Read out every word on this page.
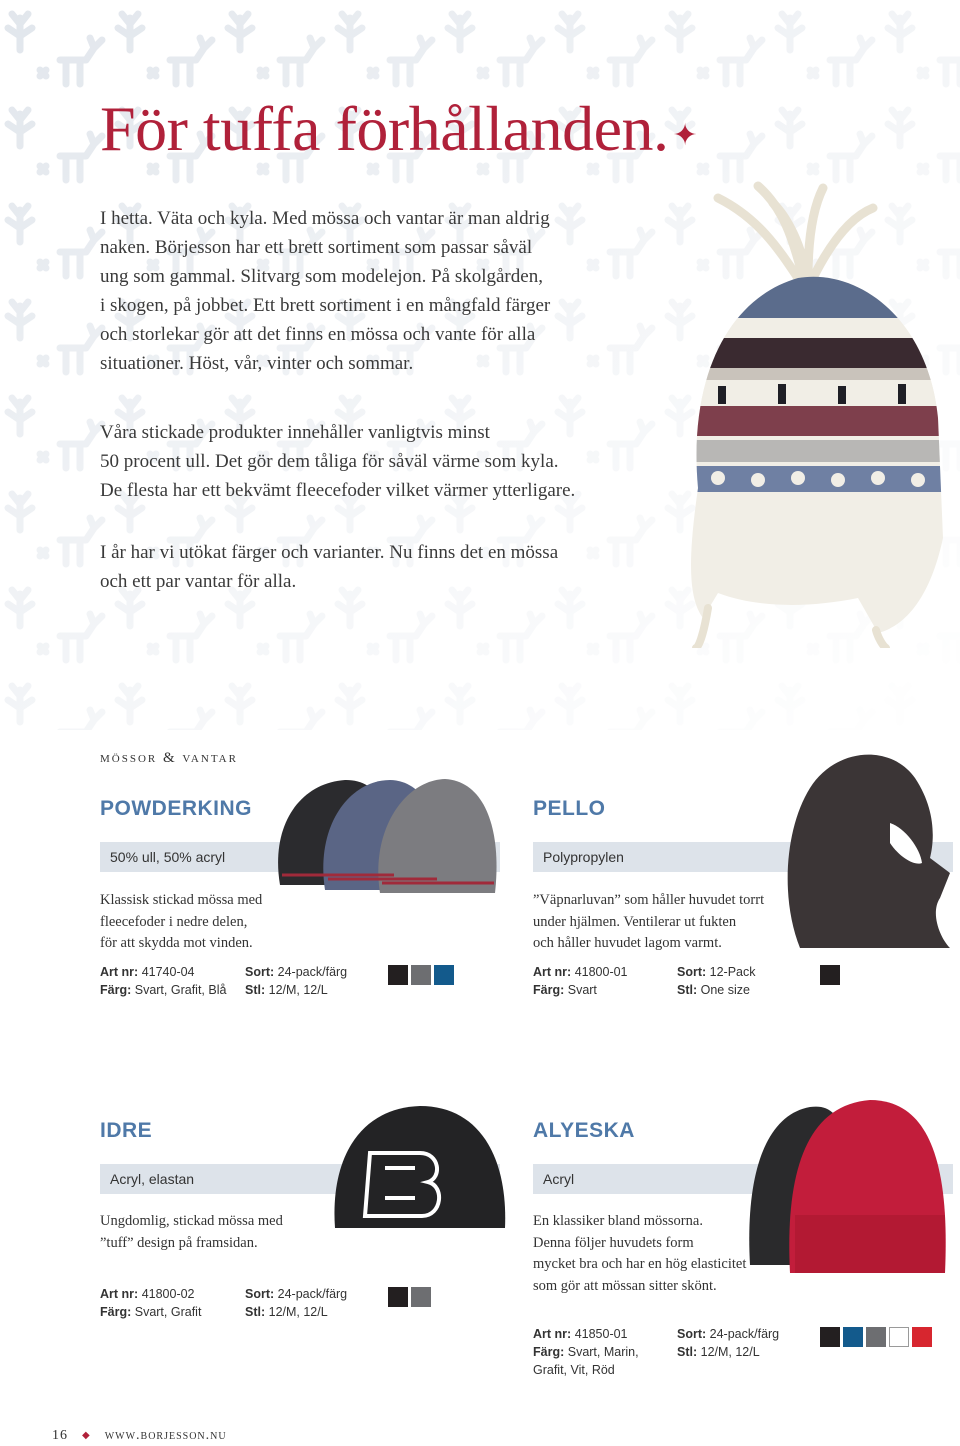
För tuffa förhållanden. ✦

I hetta. Väta och kyla. Med mössa och vantar är man aldrig

naken. Börjesson har ett brett sortiment som passar såväl

ung som gammal. Slitvarg som modelejon. På skolgården,

i skogen, på jobbet. Ett brett sortiment i en mångfald färger

och storlekar gör att det finns en mössa och vante för alla

situationer. Höst, vår, vinter och sommar.

Våra stickade produkter innehåller vanligtvis minst

50 procent ull. Det gör dem tåliga för såväl värme som kyla.

De flesta har ett bekvämt fleecefoder vilket värmer ytterligare.

I år har vi utökat färger och varianter. Nu finns det en mössa

och ett par vantar för alla.

mössor & vantar
POWDERKING
50% ull, 50% acryl

Klassisk stickad mössa med

fleecefoder i nedre delen,

för att skydda mot vinden.

Art nr: 41740-04
Färg: Svart, Grafit, Blå
Sort: 24-pack/färg
Stl: 12/M, 12/L
PELLO
Polypropylen

”Väpnarluvan” som håller huvudet torrt

under hjälmen. Ventilerar ut fukten

och håller huvudet lagom varmt.

Art nr: 41800-01
Färg: Svart
Sort: 12-Pack
Stl: One size
IDRE
Acryl, elastan

Ungdomlig, stickad mössa med

”tuff” design på framsidan.

Art nr: 41800-02
Färg: Svart, Grafit
Sort: 24-pack/färg
Stl: 12/M, 12/L
ALYESKA
Acryl

En klassiker bland mössorna.

Denna följer huvudets form

mycket bra och har en hög elasticitet

som gör att mössan sitter skönt.

Art nr: 41850-01
Färg: Svart, Marin,
Grafit, Vit, Röd
Sort: 24-pack/färg
Stl: 12/M, 12/L
16 ◆ www.borjesson.nu
